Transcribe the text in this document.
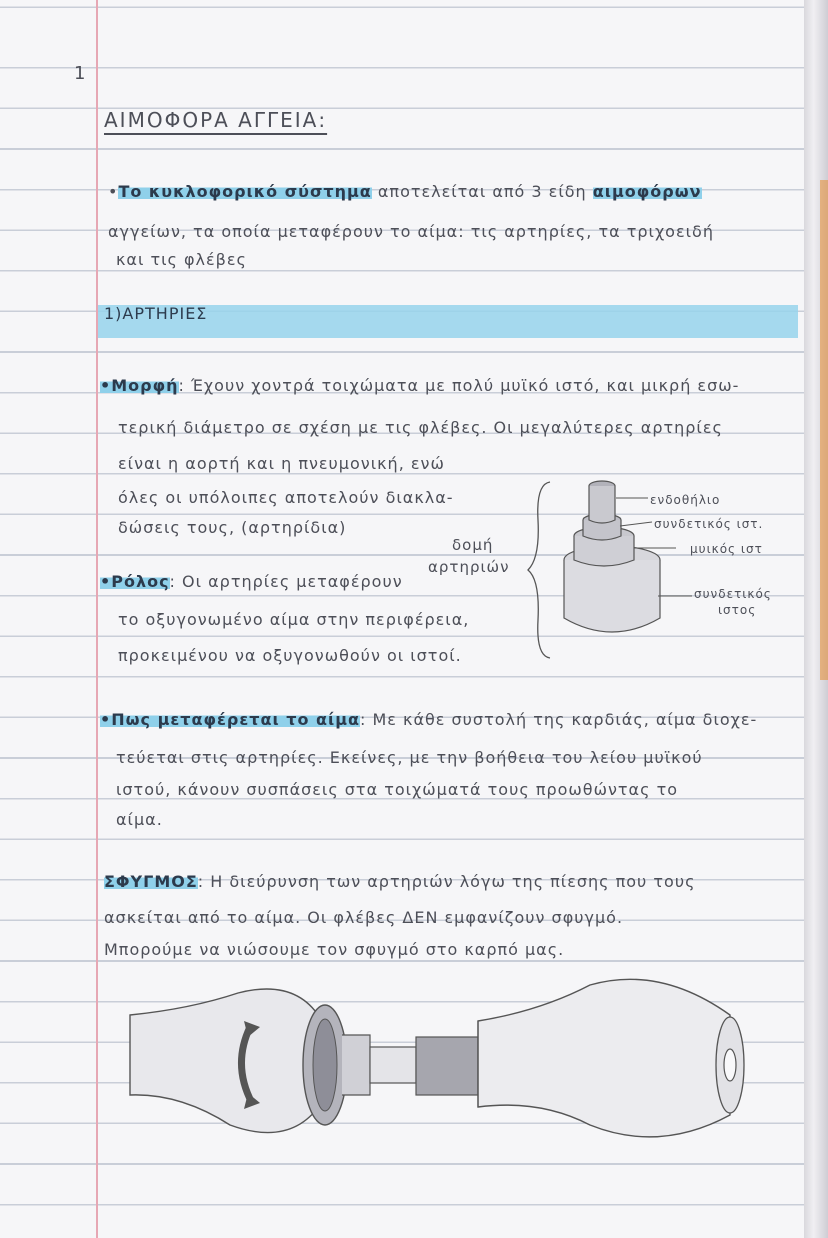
1
ΑΙΜΟΦΟΡΑ ΑΓΓΕΙΑ:
•Το κυκλοφορικό σύστημα αποτελείται από 3 είδη αιμοφόρων
αγγείων, τα οποία μεταφέρουν το αίμα: τις αρτηρίες, τα τριχοειδή
και τις φλέβες
1)ΑΡΤΗΡΙΕΣ
•Μορφή: Έχουν χοντρά τοιχώματα με πολύ μυϊκό ιστό, και μικρή εσω-
τερική διάμετρο σε σχέση με τις φλέβες. Οι μεγαλύτερες αρτηρίες
είναι η αορτή και η πνευμονική, ενώ
όλες οι υπόλοιπες αποτελούν διακλα-
δώσεις τους, (αρτηρίδια)
δομή
αρτηριών
ενδοθήλιο
συνδετικός ιστ.
μυικός ιστ
συνδετικός
ιστος
•Ρόλος: Οι αρτηρίες μεταφέρουν
το οξυγονωμένο αίμα στην περιφέρεια,
προκειμένου να οξυγονωθούν οι ιστοί.
•Πως μεταφέρεται το αίμα: Με κάθε συστολή της καρδιάς, αίμα διοχε-
τεύεται στις αρτηρίες. Εκείνες, με την βοήθεια του λείου μυϊκού
ιστού, κάνουν συσπάσεις στα τοιχώματά τους προωθώντας το
αίμα.
ΣΦΥΓΜΟΣ: Η διεύρυνση των αρτηριών λόγω της πίεσης που τους
ασκείται από το αίμα. Οι φλέβες ΔΕΝ εμφανίζουν σφυγμό.
Μπορούμε να νιώσουμε τον σφυγμό στο καρπό μας.
